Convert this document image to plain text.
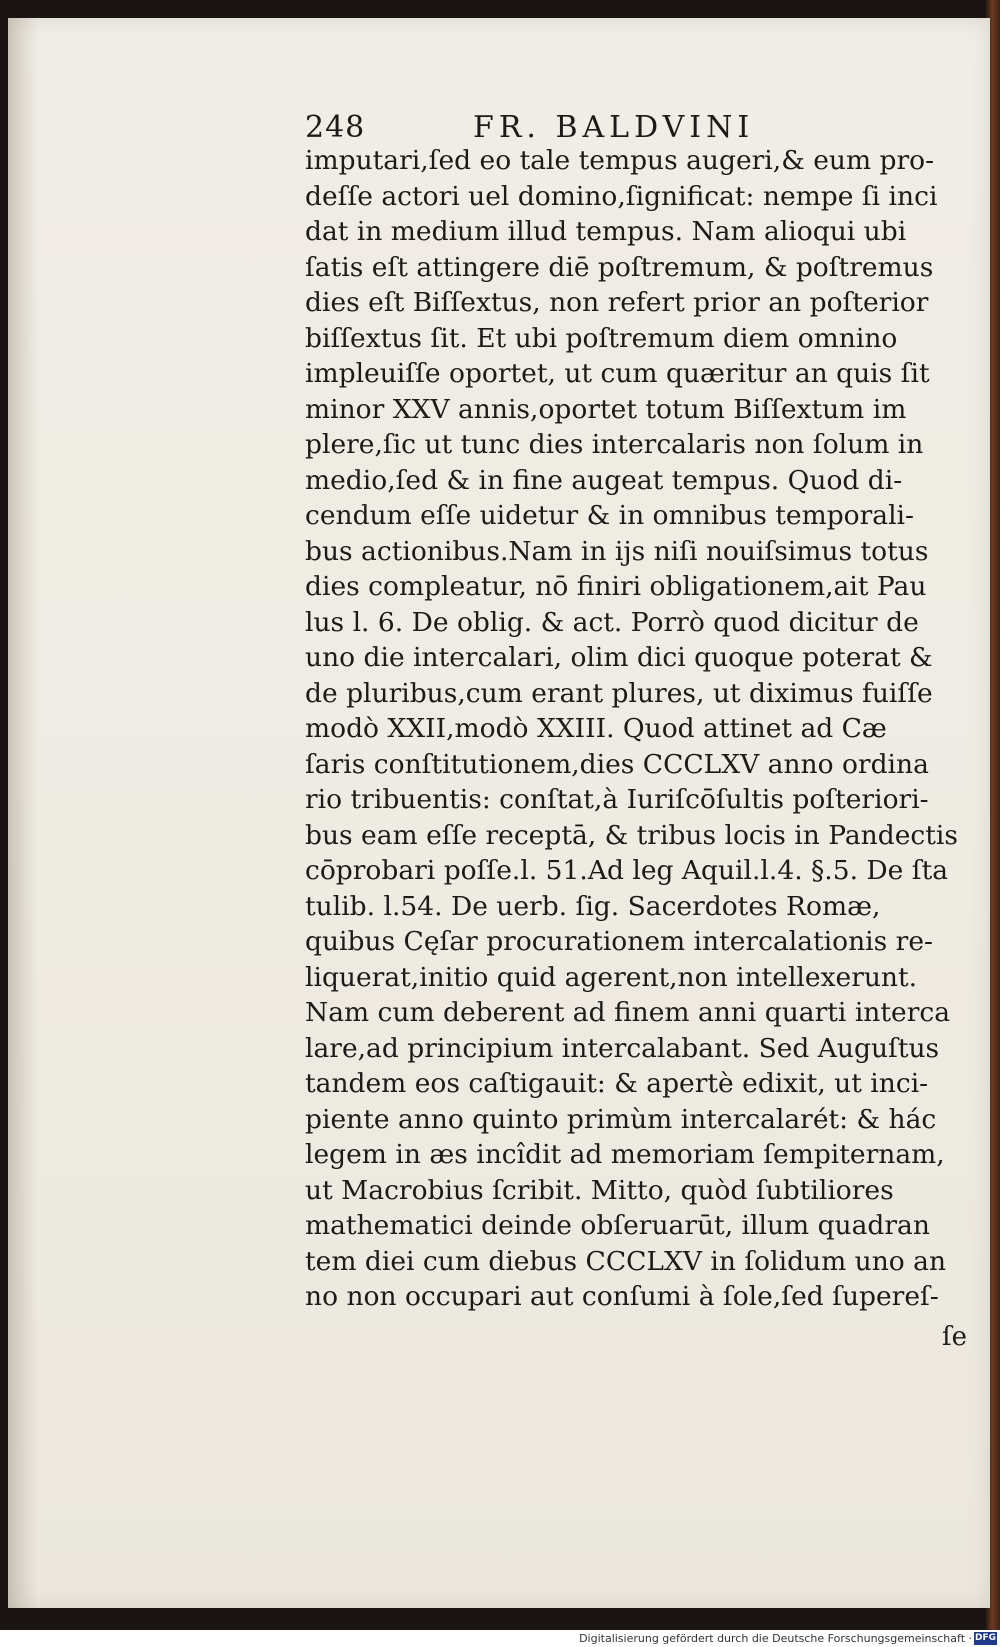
248	FR. BALDVINI
imputari,ſed eo tale tempus augeri,& eum pro-
deſſe actori uel domino,ſignificat: nempe ſi inci
dat in medium illud tempus. Nam alioqui ubi
ſatis eſt attingere diē poſtremum, & poſtremus
dies eſt Biſſextus, non refert prior an poſterior
biſſextus ſit. Et ubi poſtremum diem omnino
impleuiſſe oportet, ut cum quæritur an quis ſit
minor XXV annis,oportet totum Biſſextum im
plere,ſic ut tunc dies intercalaris non ſolum in
medio,ſed & in fine augeat tempus. Quod di-
cendum eſſe uidetur & in omnibus temporali-
bus actionibus.Nam in ijs niſi nouiſsimus totus
dies compleatur, nō finiri obligationem,ait Pau
lus l. 6. De oblig. & act. Porrò quod dicitur de
uno die intercalari, olim dici quoque poterat &
de pluribus,cum erant plures, ut diximus fuiſſe
modò XXII,modò XXIII. Quod attinet ad Cæ
ſaris conſtitutionem,dies CCCLXV anno ordina
rio tribuentis: conſtat,à Iuriſcōſultis poſteriori-
bus eam eſſe receptā, & tribus locis in Pandectis
cōprobari poſſe.l. 51.Ad leg Aquil.l.4. §.5. De ſta
tulib. l.54. De uerb. ſig. Sacerdotes Romæ,
quibus Cęſar procurationem intercalationis re-
liquerat,initio quid agerent,non intellexerunt.
Nam cum deberent ad finem anni quarti interca
lare,ad principium intercalabant. Sed Auguſtus
tandem eos caſtigauit: & apertè edixit, ut inci-
piente anno quinto primùm intercalarét: & hác
legem in æs incîdit ad memoriam ſempiternam,
ut Macrobius ſcribit. Mitto, quòd ſubtiliores
mathematici deinde obſeruarūt, illum quadran
tem diei cum diebus CCCLXV in ſolidum uno an
no non occupari aut conſumi à ſole,ſed ſupereſ-
ſe
Digitalisierung gefördert durch die Deutsche Forschungsgemeinschaft · DFG
